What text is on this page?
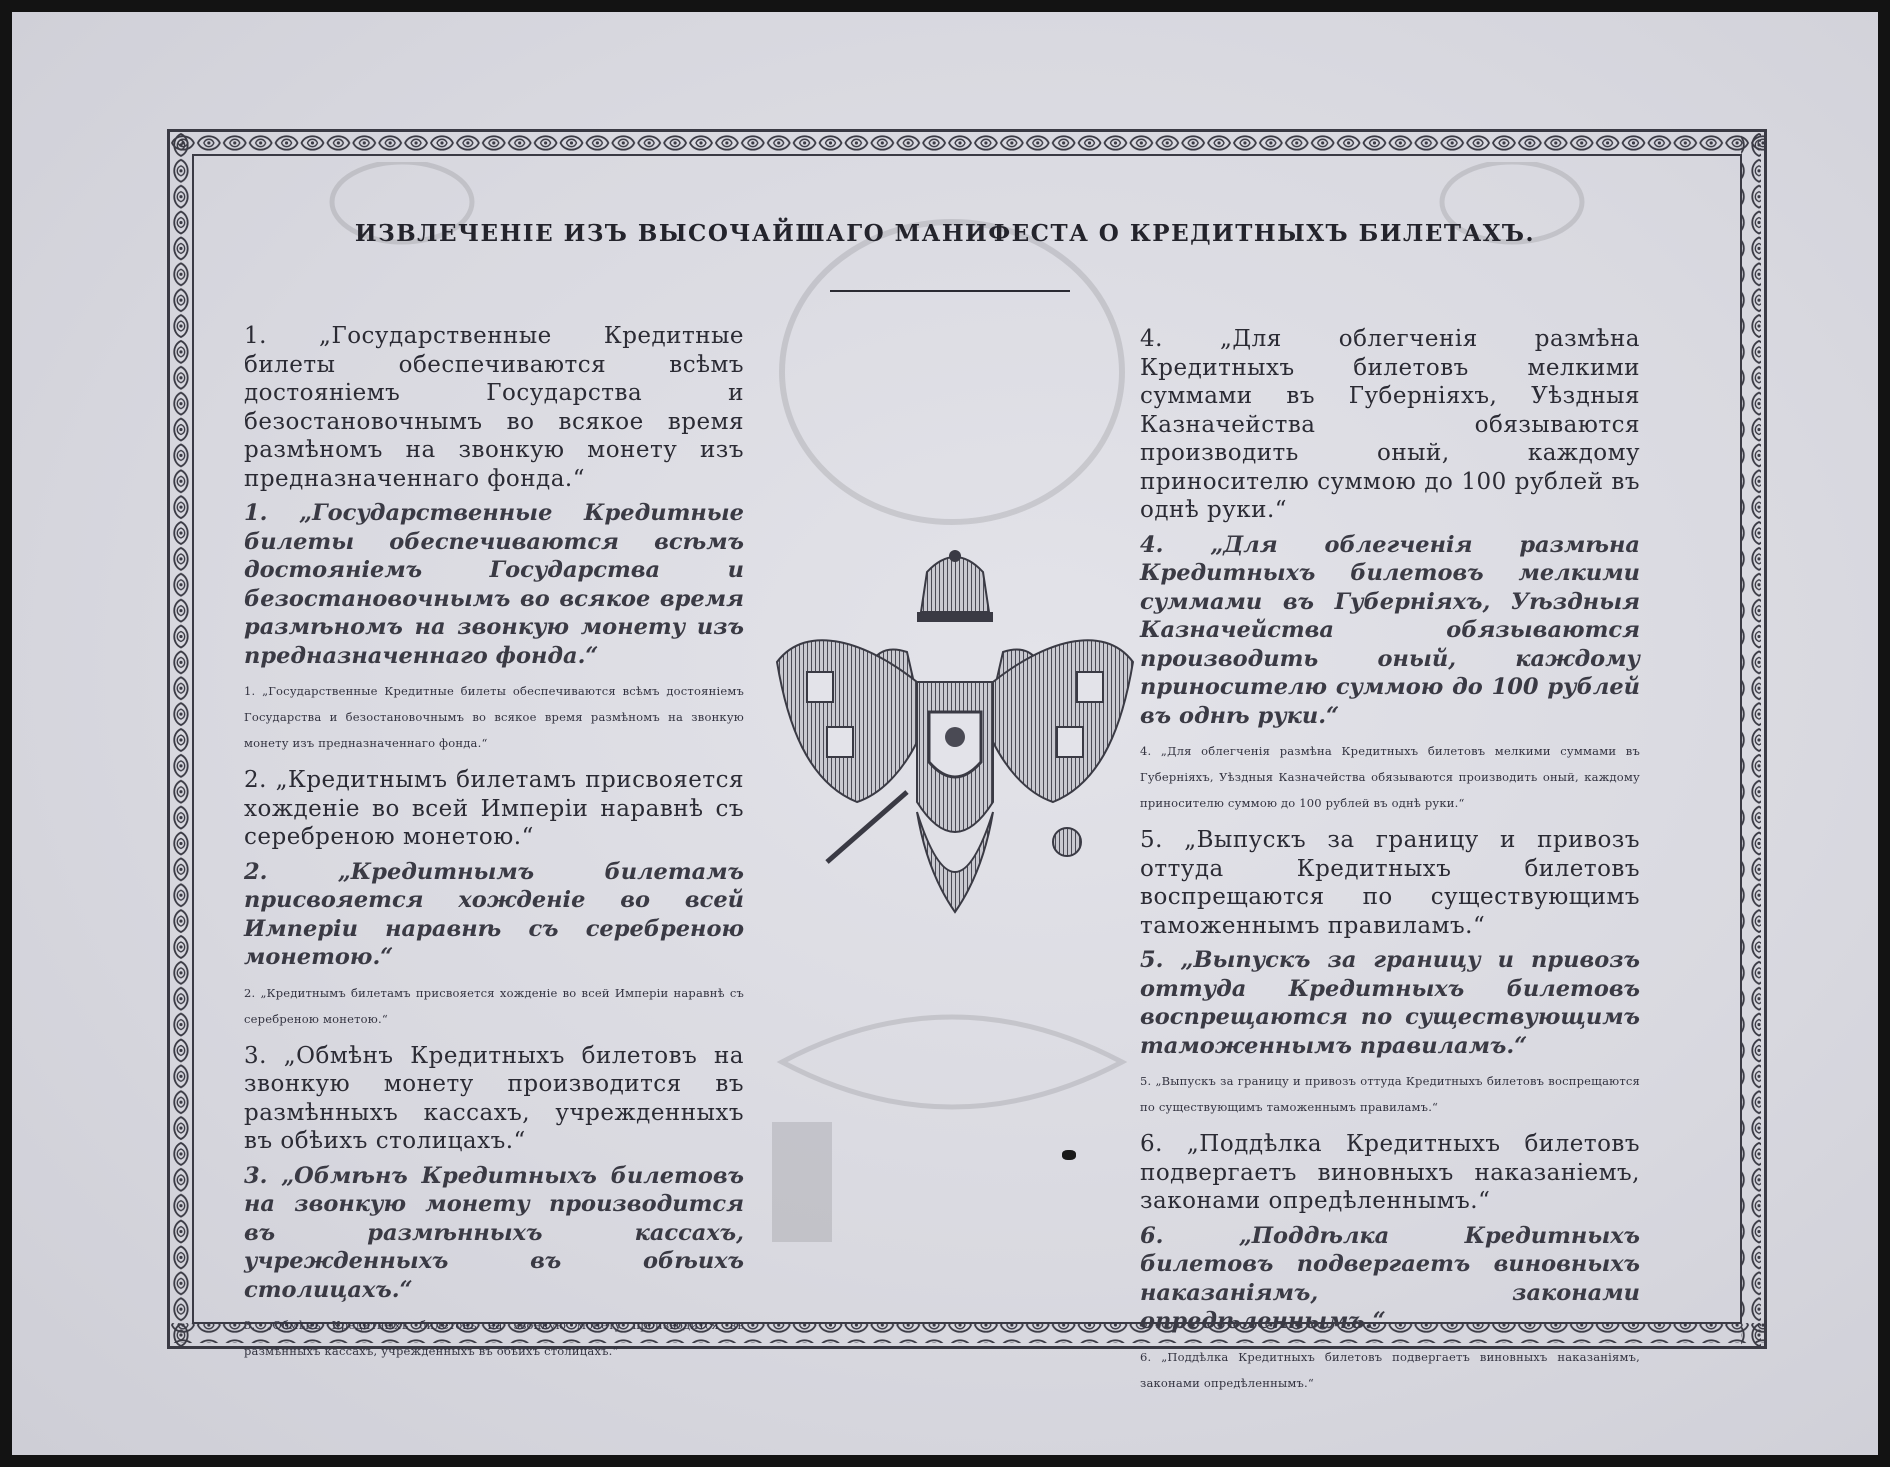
ИЗВЛЕЧЕНІЕ ИЗЪ ВЫСОЧАЙШАГО МАНИФЕСТА О КРЕДИТНЫХЪ БИЛЕТАХЪ.

1. „Государственные Кредитные билеты обеспечиваются всѣмъ достояніемъ Государства и безостановочнымъ во всякое время размѣномъ на звонкую монету изъ предназначеннаго фонда.“

1. „Государственные Кредитные билеты обеспечиваются всѣмъ достояніемъ Государства и безостановочнымъ во всякое время размѣномъ на звонкую монету изъ предназначеннаго фонда.“

1. „Государственные Кредитные билеты обеспечиваются всѣмъ достояніемъ Государства и безостановочнымъ во всякое время размѣномъ на звонкую монету изъ предназначеннаго фонда.“

2. „Кредитнымъ билетамъ присвояется хожденіе во всей Имперіи наравнѣ съ серебреною монетою.“

2. „Кредитнымъ билетамъ присвояется хожденіе во всей Имперіи наравнѣ съ серебреною монетою.“

2. „Кредитнымъ билетамъ присвояется хожденіе во всей Имперіи наравнѣ съ серебреною монетою.“

3. „Обмѣнъ Кредитныхъ билетовъ на звонкую монету производится въ размѣнныхъ кассахъ, учрежденныхъ въ обѣихъ столицахъ.“

3. „Обмѣнъ Кредитныхъ билетовъ на звонкую монету производится въ размѣнныхъ кассахъ, учрежденныхъ въ обѣихъ столицахъ.“

3. „Обмѣнъ Кредитныхъ билетовъ на звонкую монету производится въ размѣнныхъ кассахъ, учрежденныхъ въ обѣихъ столицахъ.“

4. „Для облегченія размѣна Кредитныхъ билетовъ мелкими суммами въ Губерніяхъ, Уѣздныя Казначейства обязываются производить оный, каждому приносителю суммою до 100 рублей въ однѣ руки.“

4. „Для облегченія размѣна Кредитныхъ билетовъ мелкими суммами въ Губерніяхъ, Уѣздныя Казначейства обязываются производить оный, каждому приносителю суммою до 100 рублей въ однѣ руки.“

4. „Для облегченія размѣна Кредитныхъ билетовъ мелкими суммами въ Губерніяхъ, Уѣздныя Казначейства обязываются производить оный, каждому приносителю суммою до 100 рублей въ однѣ руки.“

5. „Выпускъ за границу и привозъ оттуда Кредитныхъ билетовъ воспрещаются по существующимъ таможеннымъ правиламъ.“

5. „Выпускъ за границу и привозъ оттуда Кредитныхъ билетовъ воспрещаются по существующимъ таможеннымъ правиламъ.“

5. „Выпускъ за границу и привозъ оттуда Кредитныхъ билетовъ воспрещаются по существующимъ таможеннымъ правиламъ.“

6. „Поддѣлка Кредитныхъ билетовъ подвергаетъ виновныхъ наказаніемъ, законами опредѣленнымъ.“

6. „Поддѣлка Кредитныхъ билетовъ подвергаетъ виновныхъ наказаніямъ, законами опредѣленнымъ.“

6. „Поддѣлка Кредитныхъ билетовъ подвергаетъ виновныхъ наказаніямъ, законами опредѣленнымъ.“
